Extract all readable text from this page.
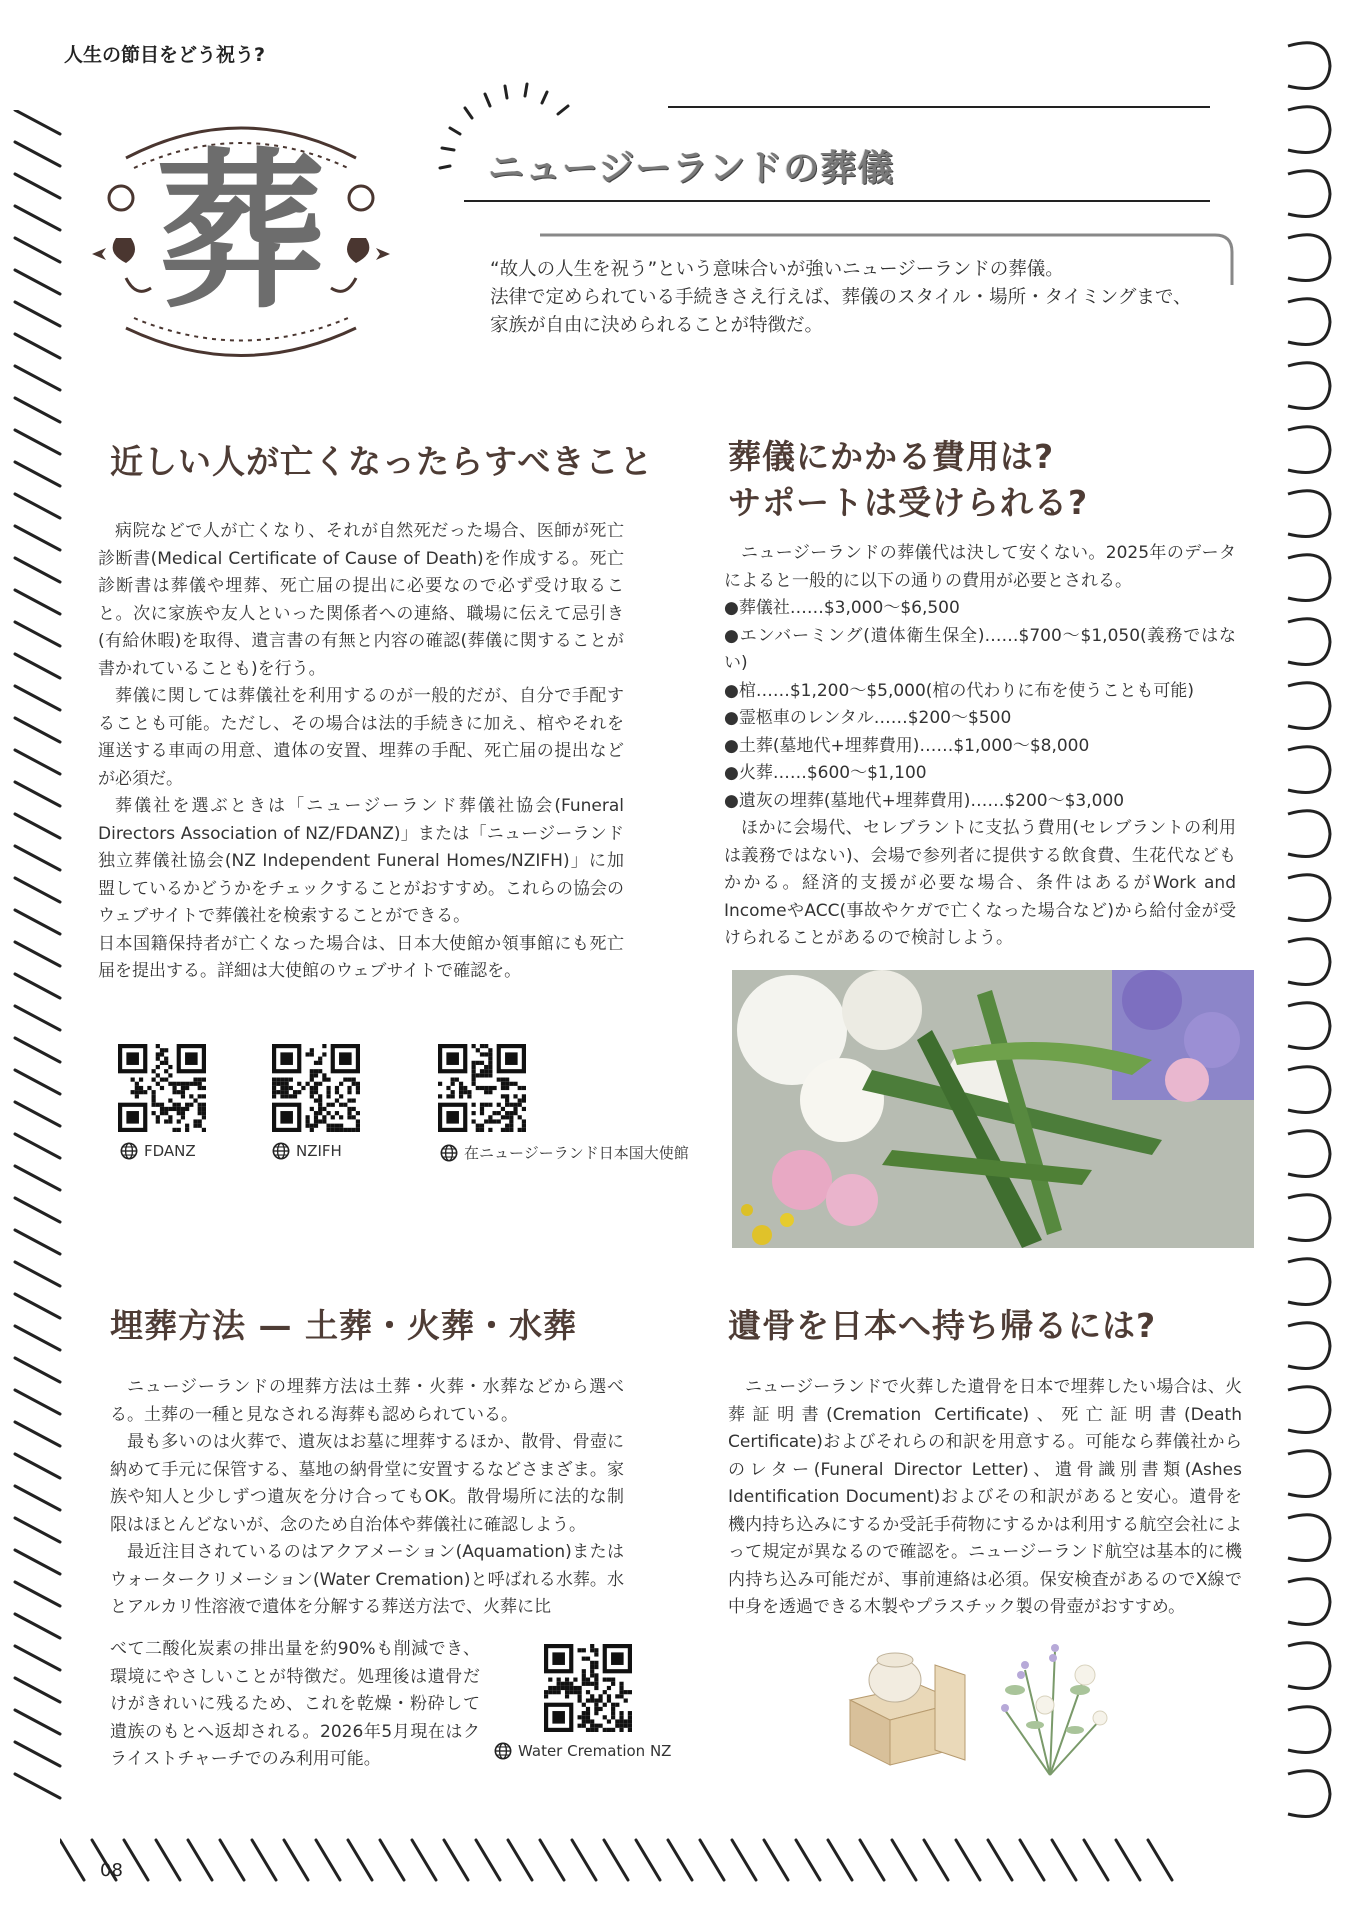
人生の節目をどう祝う?
葬	ニュージーランドの葬儀

“故人の人生を祝う”という意味合いが強いニュージーランドの葬儀。

法律で定められている手続きさえ行えば、葬儀のスタイル・場所・タイミングまで、

家族が自由に決められることが特徴だ。

近しい人が亡くなったらすべきこと

病院などで人が亡くなり、それが自然死だった場合、医師が死亡診断書(Medical Certificate of Cause of Death)を作成する。死亡診断書は葬儀や埋葬、死亡届の提出に必要なので必ず受け取ること。次に家族や友人といった関係者への連絡、職場に伝えて忌引き(有給休暇)を取得、遺言書の有無と内容の確認(葬儀に関することが書かれていることも)を行う。

葬儀に関しては葬儀社を利用するのが一般的だが、自分で手配することも可能。ただし、その場合は法的手続きに加え、棺やそれを運送する車両の用意、遺体の安置、埋葬の手配、死亡届の提出などが必須だ。

葬儀社を選ぶときは「ニュージーランド葬儀社協会(Funeral Directors Association of NZ/FDANZ)」または「ニュージーランド独立葬儀社協会(NZ Independent Funeral Homes/NZIFH)」に加盟しているかどうかをチェックすることがおすすめ。これらの協会のウェブサイトで葬儀社を検索することができる。

日本国籍保持者が亡くなった場合は、日本大使館か領事館にも死亡届を提出する。詳細は大使館のウェブサイトで確認を。

FDANZ	NZIFH	在ニュージーランド日本国大使館
葬儀にかかる費用は?
サポートは受けられる?

ニュージーランドの葬儀代は決して安くない。2025年のデータによると一般的に以下の通りの費用が必要とされる。

●葬儀社……$3,000〜$6,500
●エンバーミング(遺体衛生保全)……$700〜$1,050(義務ではない)
●棺……$1,200〜$5,000(棺の代わりに布を使うことも可能)
●霊柩車のレンタル……$200〜$500
●土葬(墓地代+埋葬費用)……$1,000〜$8,000
●火葬……$600〜$1,100
●遺灰の埋葬(墓地代+埋葬費用)……$200〜$3,000

ほかに会場代、セレブラントに支払う費用(セレブラントの利用は義務ではない)、会場で参列者に提供する飲食費、生花代などもかかる。経済的支援が必要な場合、条件はあるがWork and IncomeやACC(事故やケガで亡くなった場合など)から給付金が受けられることがあるので検討しよう。

埋葬方法 — 土葬・火葬・水葬

ニュージーランドの埋葬方法は土葬・火葬・水葬などから選べる。土葬の一種と見なされる海葬も認められている。

最も多いのは火葬で、遺灰はお墓に埋葬するほか、散骨、骨壺に納めて手元に保管する、墓地の納骨堂に安置するなどさまざま。家族や知人と少しずつ遺灰を分け合ってもOK。散骨場所に法的な制限はほとんどないが、念のため自治体や葬儀社に確認しよう。

最近注目されているのはアクアメーション(Aquamation)またはウォータークリメーション(Water Cremation)と呼ばれる水葬。水とアルカリ性溶液で遺体を分解する葬送方法で、火葬に比

べて二酸化炭素の排出量を約90%も削減でき、環境にやさしいことが特徴だ。処理後は遺骨だけがきれいに残るため、これを乾燥・粉砕して遺族のもとへ返却される。2026年5月現在はクライストチャーチでのみ利用可能。	Water Cremation NZ
遺骨を日本へ持ち帰るには?

ニュージーランドで火葬した遺骨を日本で埋葬したい場合は、火葬証明書(Cremation Certificate)、死亡証明書(Death Certificate)およびそれらの和訳を用意する。可能なら葬儀社からのレター(Funeral Director Letter)、遺骨識別書類(Ashes Identification Document)およびその和訳があると安心。遺骨を機内持ち込みにするか受託手荷物にするかは利用する航空会社によって規定が異なるので確認を。ニュージーランド航空は基本的に機内持ち込み可能だが、事前連絡は必須。保安検査があるのでX線で中身を透過できる木製やプラスチック製の骨壺がおすすめ。

08
